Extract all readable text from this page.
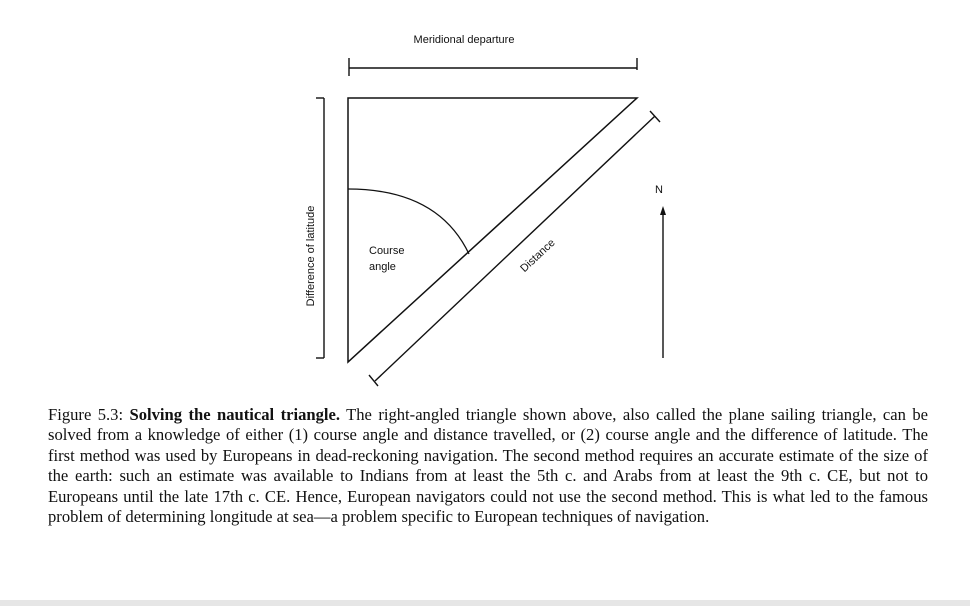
Meridional departure
Difference of latitude	Course
angle	Distance
N
Figure 5.3: Solving the nautical triangle. The right-angled triangle shown above, also called the plane sailing triangle, can be solved from a knowledge of either (1) course angle and distance travelled, or (2) course angle and the difference of latitude. The first method was used by Europeans in dead-reckoning navigation. The second method requires an accurate estimate of the size of the earth: such an estimate was available to Indians from at least the 5th c. and Arabs from at least the 9th c. CE, but not to Europeans until the late 17th c. CE. Hence, European navigators could not use the second method. This is what led to the famous problem of determining longitude at sea—a problem specific to European techniques of navigation.
